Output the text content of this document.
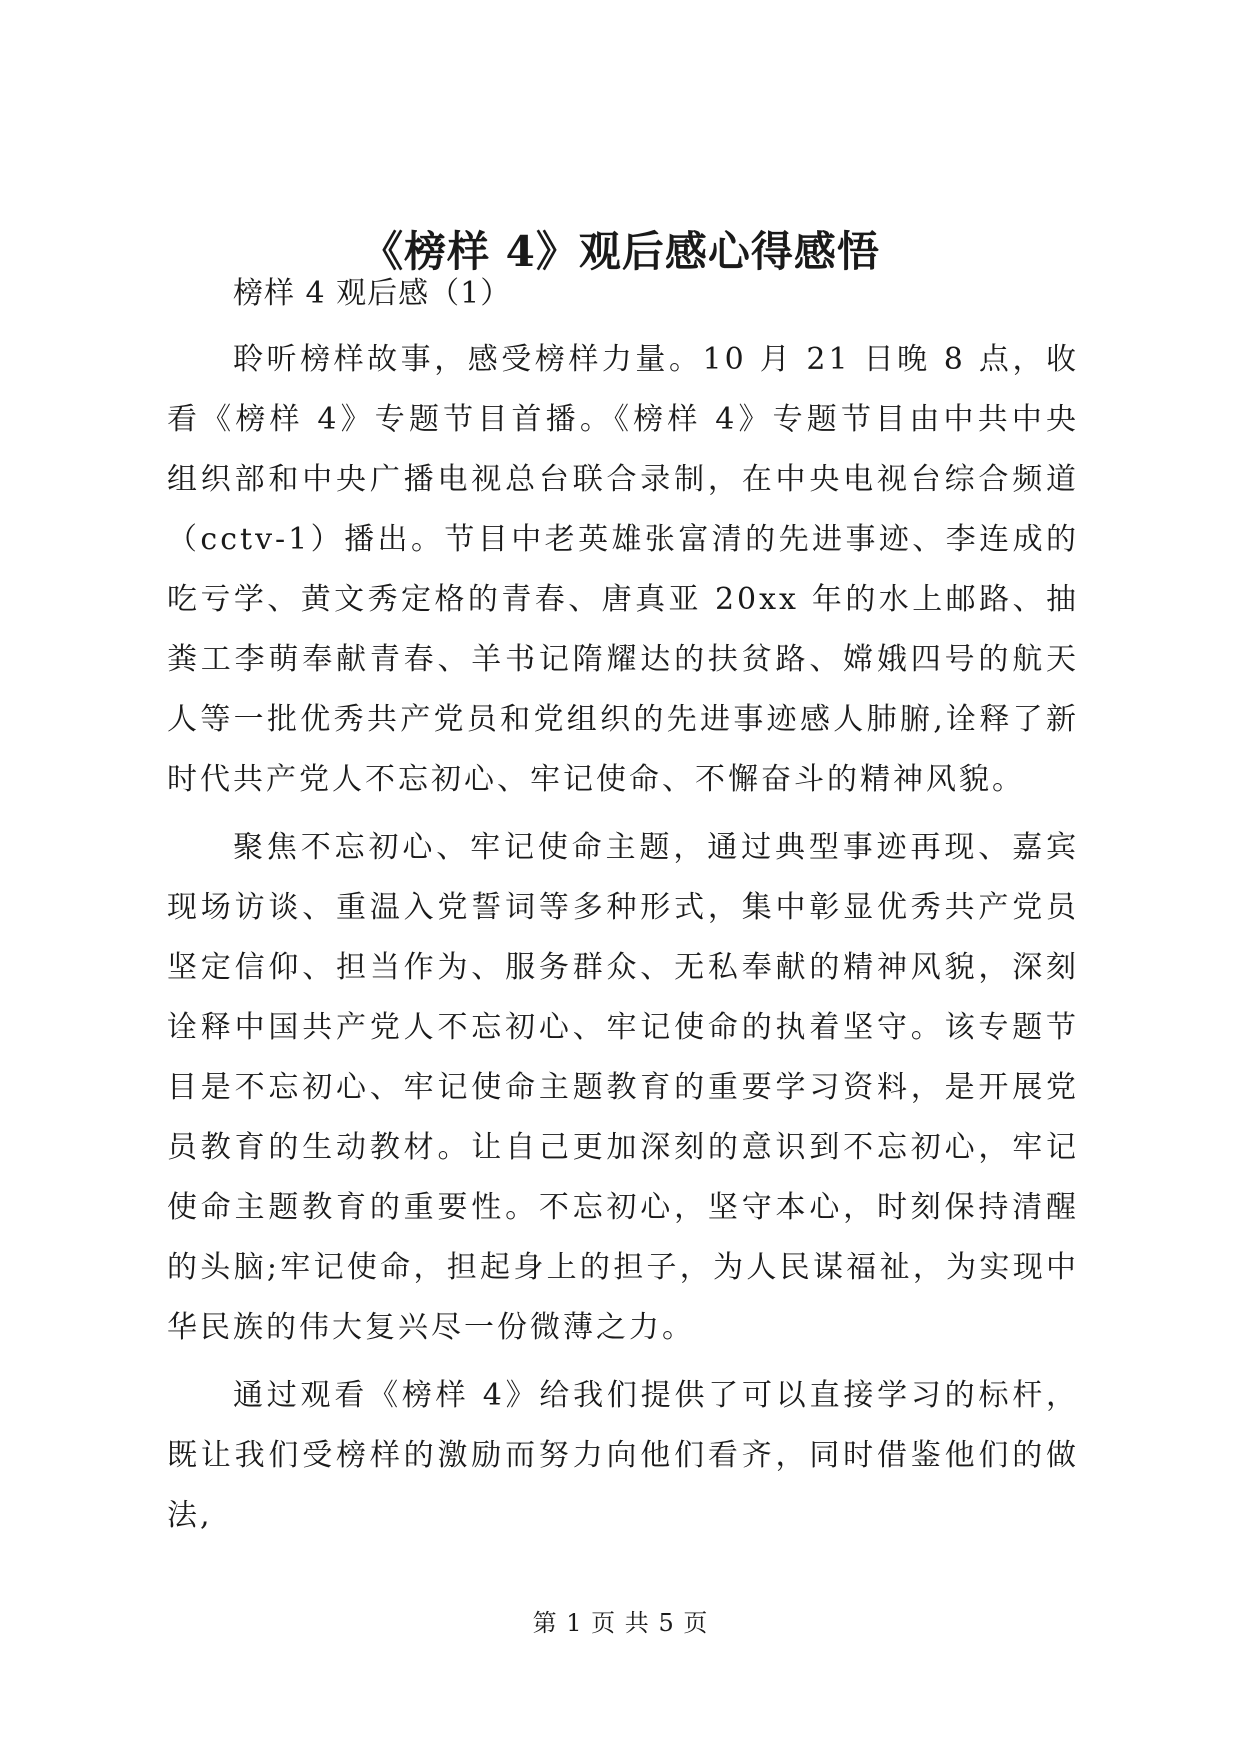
《榜样 4》观后感心得感悟

榜样 4 观后感（1）

聆听榜样故事，感受榜样力量。10 月 21 日晚 8 点，收看《榜样 4》专题节目首播。《榜样 4》专题节目由中共中央组织部和中央广播电视总台联合录制，在中央电视台综合频道（cctv-1）播出。节目中老英雄张富清的先进事迹、李连成的吃亏学、黄文秀定格的青春、唐真亚 20xx 年的水上邮路、抽粪工李萌奉献青春、羊书记隋耀达的扶贫路、嫦娥四号的航天人等一批优秀共产党员和党组织的先进事迹感人肺腑,诠释了新时代共产党人不忘初心、牢记使命、不懈奋斗的精神风貌。

聚焦不忘初心、牢记使命主题，通过典型事迹再现、嘉宾现场访谈、重温入党誓词等多种形式，集中彰显优秀共产党员坚定信仰、担当作为、服务群众、无私奉献的精神风貌，深刻诠释中国共产党人不忘初心、牢记使命的执着坚守。该专题节目是不忘初心、牢记使命主题教育的重要学习资料，是开展党员教育的生动教材。让自己更加深刻的意识到不忘初心，牢记使命主题教育的重要性。不忘初心，坚守本心，时刻保持清醒的头脑;牢记使命，担起身上的担子，为人民谋福祉，为实现中华民族的伟大复兴尽一份微薄之力。

通过观看《榜样 4》给我们提供了可以直接学习的标杆，既让我们受榜样的激励而努力向他们看齐，同时借鉴他们的做法,

第 1 页 共 5 页
